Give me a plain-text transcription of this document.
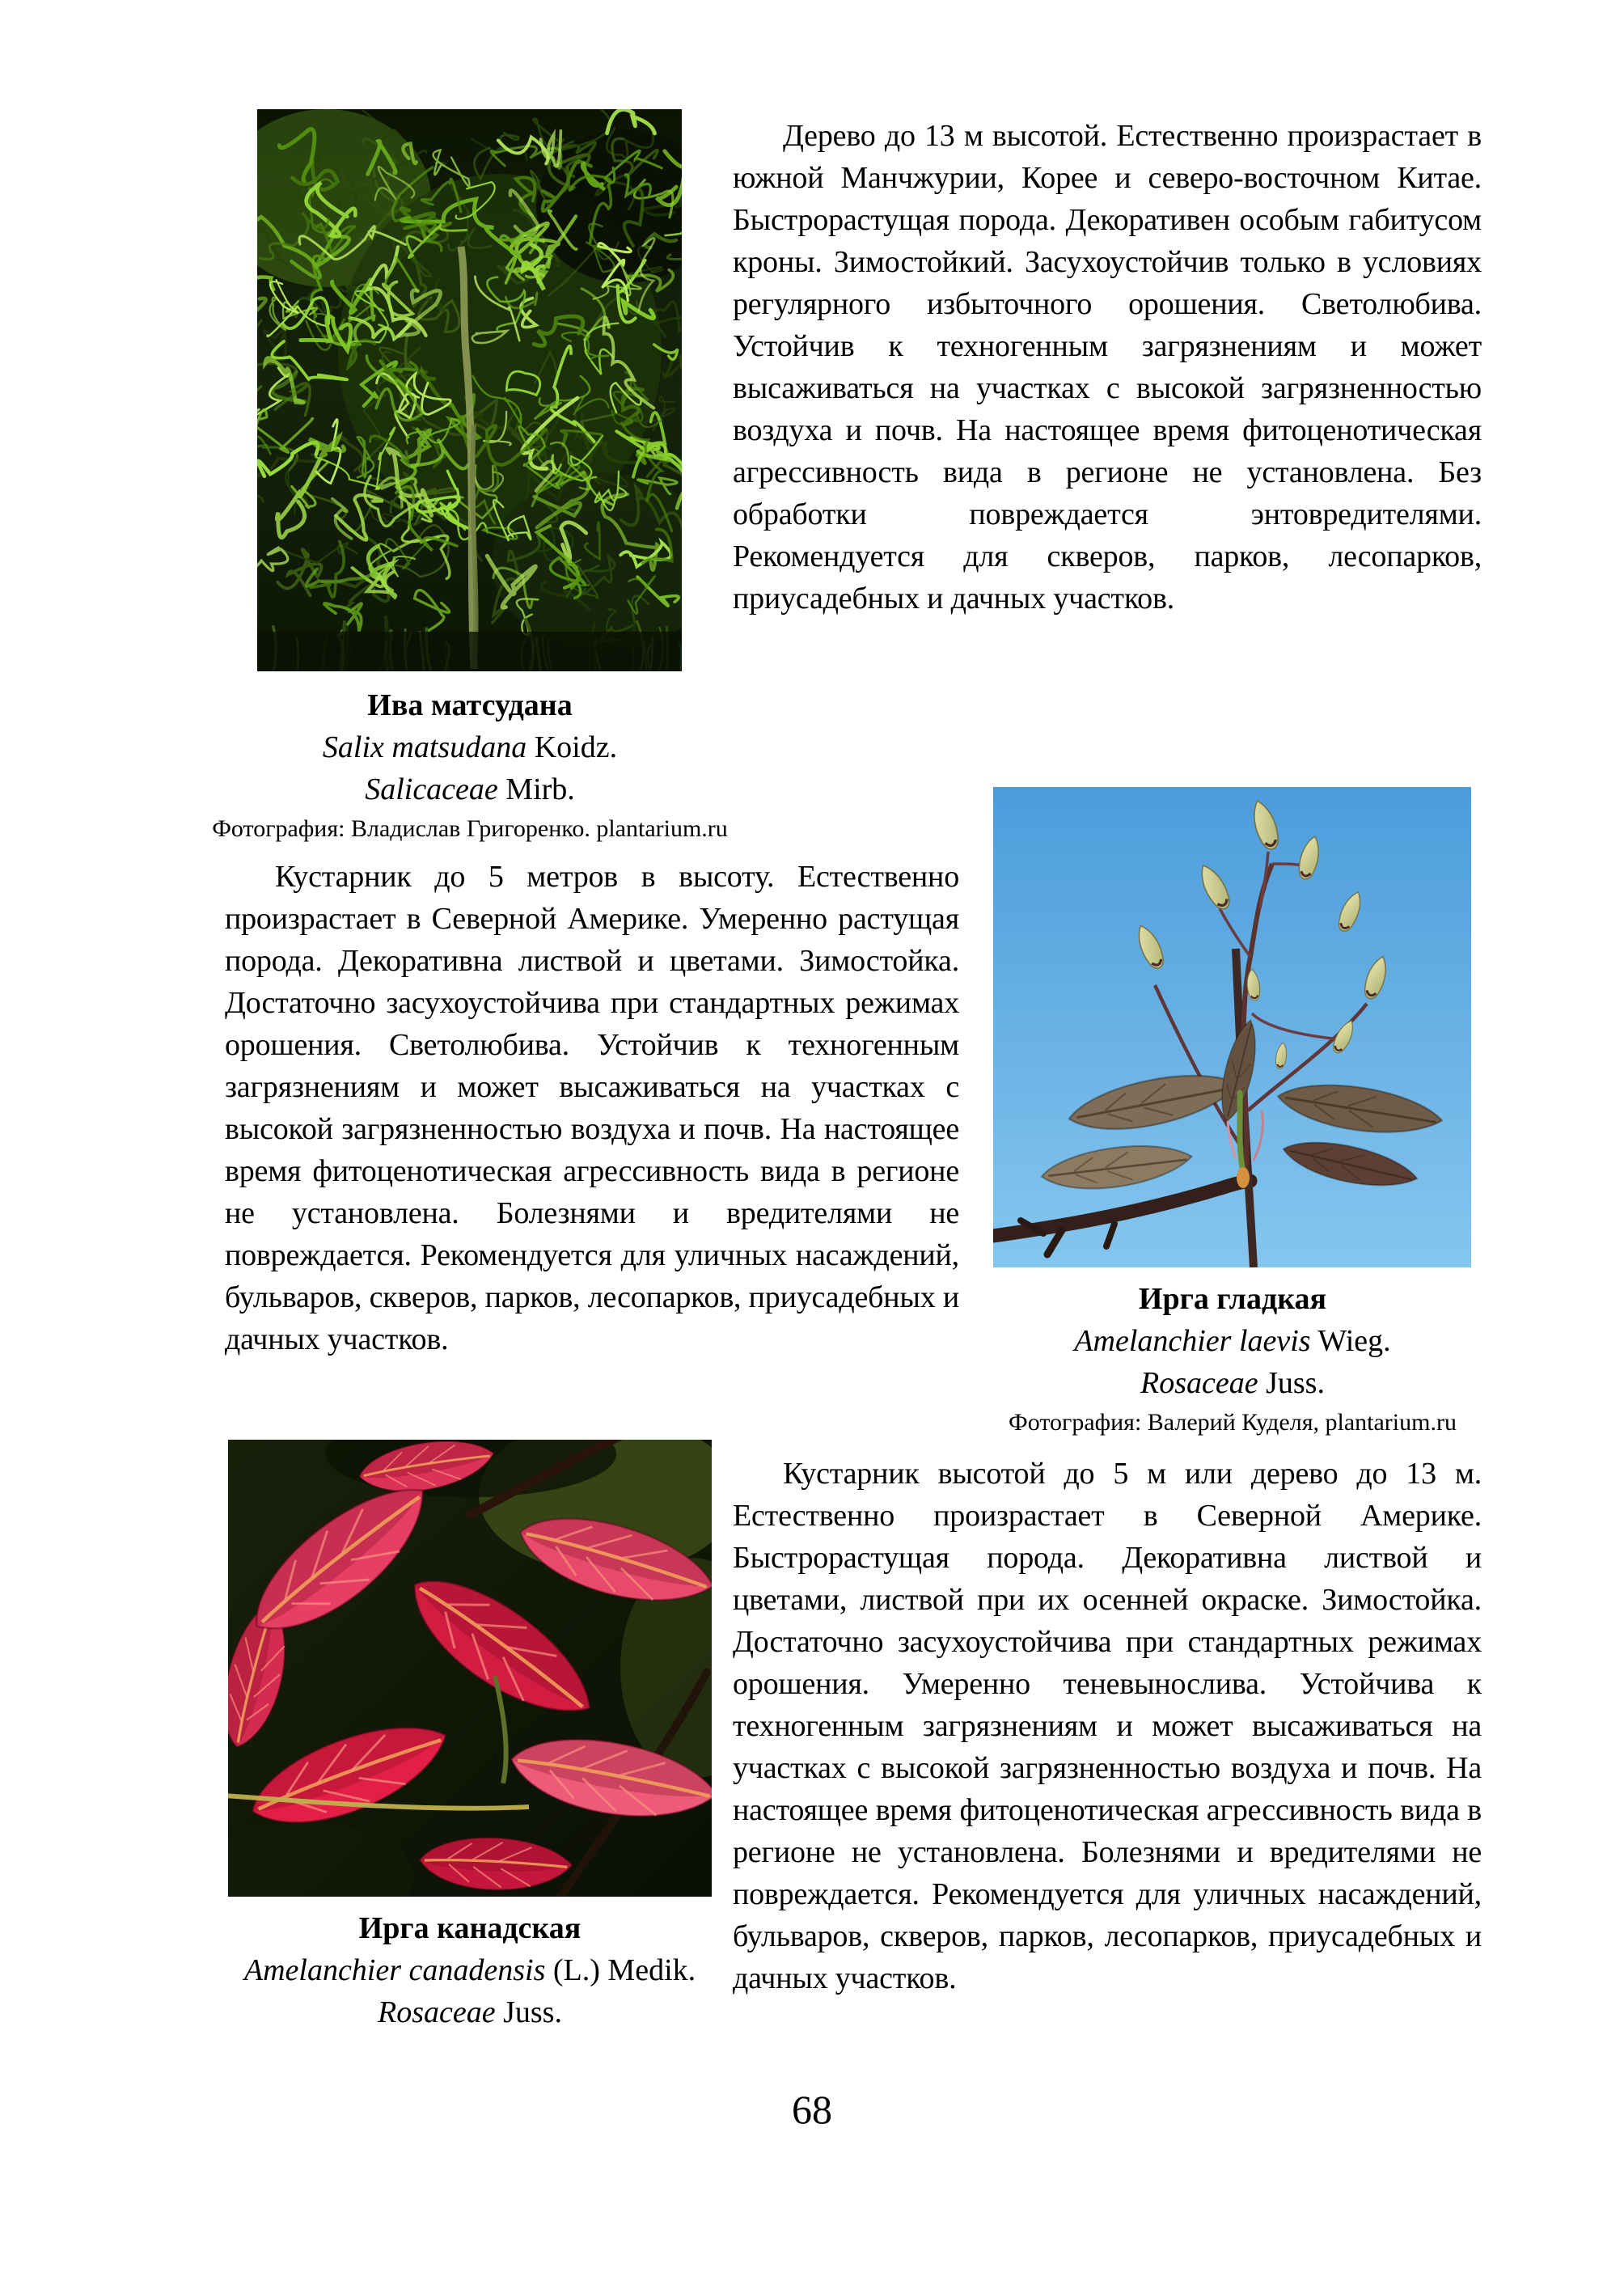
Дерево до 13 м высотой. Естественно произрастает в южной Манчжурии, Корее и северо-восточном Китае. Быстрорастущая порода. Декоративен особым габитусом кроны. Зимостойкий. Засухоустойчив только в условиях регулярного избыточного орошения. Светолюбива. Устойчив к техногенным загрязнениям и может высаживаться на участках с высокой загрязненностью воздуха и почв. На настоящее время фитоценотическая агрессивность вида в регионе не установлена. Без обработки повреждается энтовредителями. Рекомендуется для скверов, парков, лесопарков, приусадебных и дачных участков.

Ива матсудана
Salix matsudana Koidz.
Salicaceae Mirb.
Фотография: Владислав Григоренко. plantarium.ru

Кустарник до 5 метров в высоту. Естественно произрастает в Северной Америке. Умеренно растущая порода. Декоративна листвой и цветами. Зимостойка. Достаточно засухоустойчива при стандартных режимах орошения. Светолюбива. Устойчив к техногенным загрязнениям и может высаживаться на участках с высокой загрязненностью воздуха и почв. На настоящее время фитоценотическая агрессивность вида в регионе не установлена. Болезнями и вредителями не повреждается. Рекомендуется для уличных насаждений, бульваров, скверов, парков, лесопарков, приусадебных и дачных участков.

Ирга гладкая
Amelanchier laevis Wieg.
Rosaceae Juss.
Фотография: Валерий Куделя, plantarium.ru

Кустарник высотой до 5 м или дерево до 13 м. Естественно произрастает в Северной Америке. Быстрорастущая порода. Декоративна листвой и цветами, листвой при их осенней окраске. Зимостойка. Достаточно засухоустойчива при стандартных режимах орошения. Умеренно теневынослива. Устойчива к техногенным загрязнениям и может высаживаться на участках с высокой загрязненностью воздуха и почв. На настоящее время фитоценотическая агрессивность вида в регионе не установлена. Болезнями и вредителями не повреждается. Рекомендуется для уличных насаждений, бульваров, скверов, парков, лесопарков, приусадебных и дачных участков.

Ирга канадская
Amelanchier canadensis (L.) Medik.
Rosaceae Juss.
68
